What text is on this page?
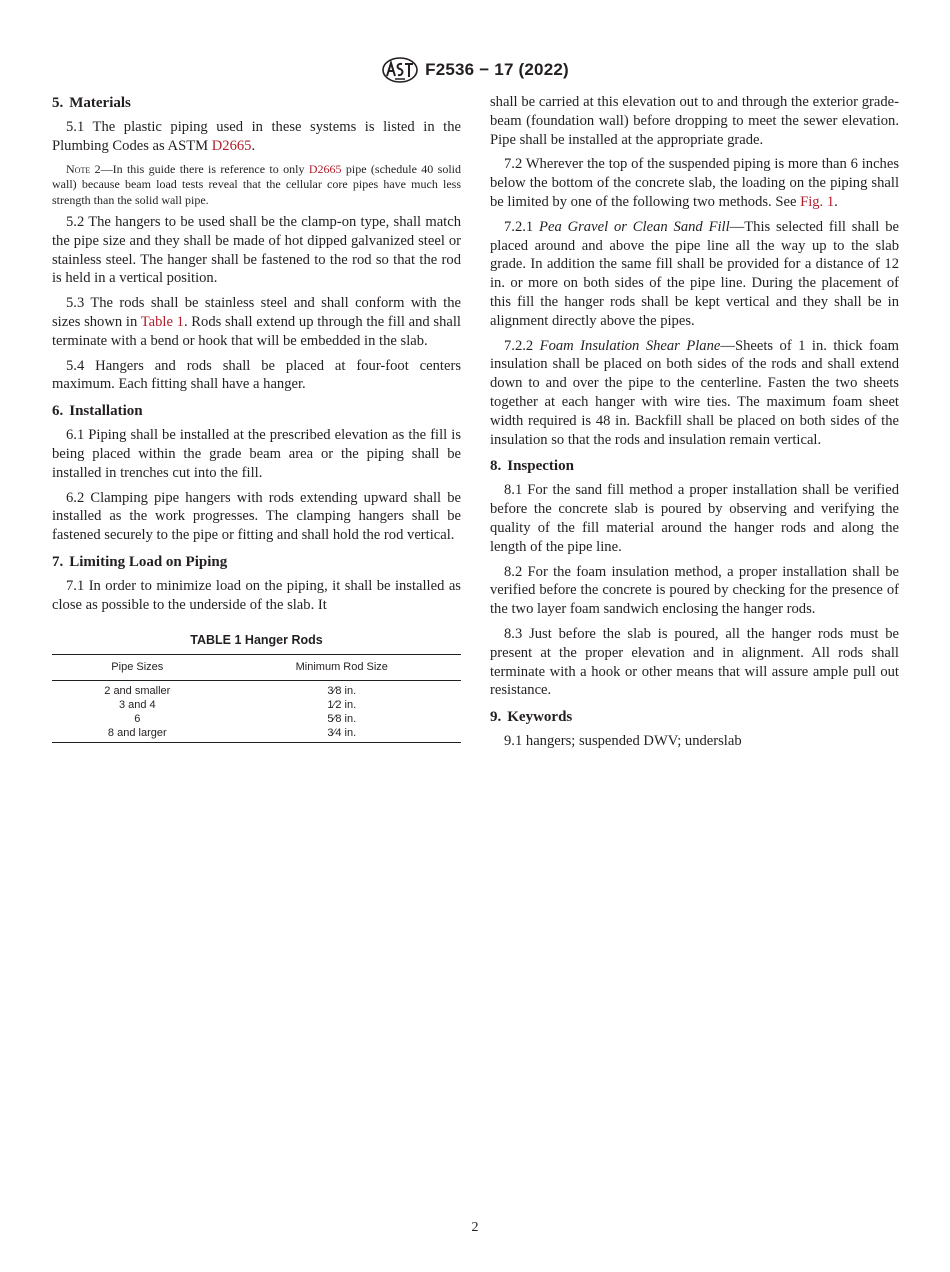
F2536 − 17 (2022)
5. Materials

5.1 The plastic piping used in these systems is listed in the Plumbing Codes as ASTM D2665.

Note 2—In this guide there is reference to only D2665 pipe (schedule 40 solid wall) because beam load tests reveal that the cellular core pipes have much less strength than the solid wall pipe.

5.2 The hangers to be used shall be the clamp-on type, shall match the pipe size and they shall be made of hot dipped galvanized steel or stainless steel. The hanger shall be fastened to the rod so that the rod is held in a vertical position.

5.3 The rods shall be stainless steel and shall conform with the sizes shown in Table 1. Rods shall extend up through the fill and shall terminate with a bend or hook that will be embedded in the slab.

5.4 Hangers and rods shall be placed at four-foot centers maximum. Each fitting shall have a hanger.

6. Installation

6.1 Piping shall be installed at the prescribed elevation as the fill is being placed within the grade beam area or the piping shall be installed in trenches cut into the fill.

6.2 Clamping pipe hangers with rods extending upward shall be installed as the work progresses. The clamping hangers shall be fastened securely to the pipe or fitting and shall hold the rod vertical.

7. Limiting Load on Piping

7.1 In order to minimize load on the piping, it shall be installed as close as possible to the underside of the slab. It

TABLE 1 Hanger Rods
Pipe Sizes	Minimum Rod Size
2 and smaller	3⁄8 in.
3 and 4	1⁄2 in.
6	5⁄8 in.
8 and larger	3⁄4 in.

shall be carried at this elevation out to and through the exterior grade-beam (foundation wall) before dropping to meet the sewer elevation. Pipe shall be installed at the appropriate grade.

7.2 Wherever the top of the suspended piping is more than 6 inches below the bottom of the concrete slab, the loading on the piping shall be limited by one of the following two methods. See Fig. 1.

7.2.1 Pea Gravel or Clean Sand Fill—This selected fill shall be placed around and above the pipe line all the way up to the slab grade. In addition the same fill shall be provided for a distance of 12 in. or more on both sides of the pipe line. During the placement of this fill the hanger rods shall be kept vertical and they shall be in alignment directly above the pipes.

7.2.2 Foam Insulation Shear Plane—Sheets of 1 in. thick foam insulation shall be placed on both sides of the rods and shall extend down to and over the pipe to the centerline. Fasten the two sheets together at each hanger with wire ties. The maximum foam sheet width required is 48 in. Backfill shall be placed on both sides of the insulation so that the rods and insulation remain vertical.

8. Inspection

8.1 For the sand fill method a proper installation shall be verified before the concrete slab is poured by observing and verifying the quality of the fill material around the hanger rods and along the length of the pipe line.

8.2 For the foam insulation method, a proper installation shall be verified before the concrete is poured by checking for the presence of the two layer foam sandwich enclosing the hanger rods.

8.3 Just before the slab is poured, all the hanger rods must be present at the proper elevation and in alignment. All rods shall terminate with a hook or other means that will assure ample pull out resistance.

9. Keywords

9.1 hangers; suspended DWV; underslab

2
